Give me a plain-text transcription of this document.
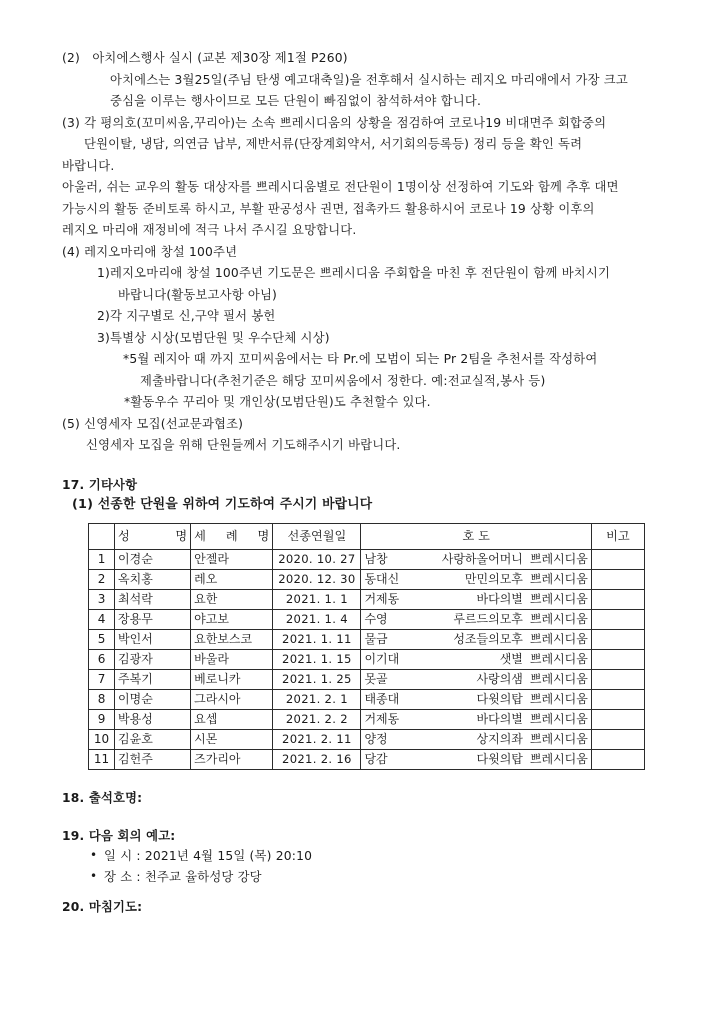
(2)   아치에스행사 실시 (교본 제30장 제1절 P260)
아치에스는 3월25일(주님 탄생 예고대축일)을 전후해서 실시하는 레지오 마리애에서 가장 크고
중심을 이루는 행사이므로 모든 단원이 빠짐없이 참석하셔야 합니다.
(3) 각 평의호(꼬미씨움,꾸리아)는 소속 쁘레시디움의 상황을 점검하여 코로나19 비대면주 회합중의
단원이탈, 냉담, 의연금 납부, 제반서류(단장계회약서, 서기회의등록등) 정리 등을 확인 독려
바랍니다.
아울러, 쉬는 교우의 활동 대상자를 쁘레시디움별로 전단원이 1명이상 선정하여 기도와 함께 추후 대면
가능시의 활동 준비토록 하시고, 부활 판공성사 권면, 접촉카드 활용하시어 코로나 19 상황 이후의
레지오 마리애 재정비에 적극 나서 주시길 요망합니다.
(4) 레지오마리애 창설 100주년
1)레지오마리애 창설 100주년 기도문은 쁘레시디움 주회합을 마친 후 전단원이 함께 바치시기
바랍니다(활동보고사항 아님)
2)각 지구별로 신,구약 필서 봉헌
3)특별상 시상(모범단원 및 우수단체 시상)
*5월 레지아 때 까지 꼬미씨움에서는 타 Pr.에 모범이 되는 Pr 2팀을 추천서를 작성하여
제출바랍니다(추천기준은 해당 꼬미씨움에서 정한다. 예:전교실적,봉사 등)
*활동우수 꾸리아 및 개인상(모범단원)도 추천할수 있다.
(5) 신영세자 모집(선교문과협조)
신영세자 모집을 위해 단원들께서 기도해주시기 바랍니다.
17. 기타사항
(1) 선종한 단원을 위하여 기도하여 주시기 바랍니다

	성 명	세 례 명	선종연월일	호 도	비고
1	이경순	안젤라	2020. 10. 27	남창 사랑하올어머니 쁘레시디움	

2	옥치홍	레오	2020. 12. 30	동대신 만민의모후 쁘레시디움	

3	최석락	요한	2021. 1. 1	거제동 바다의별 쁘레시디움	

4	장용무	야고보	2021. 1. 4	수영 루르드의모후 쁘레시디움	

5	박인서	요한보스코	2021. 1. 11	물금 성조들의모후 쁘레시디움	

6	김광자	바울라	2021. 1. 15	이기대 샛별 쁘레시디움	

7	주복기	베로니카	2021. 1. 25	못골 사랑의샘 쁘레시디움	

8	이명순	그라시아	2021. 2. 1	태종대 다윗의탑 쁘레시디움	

9	박용성	요셉	2021. 2. 2	거제동 바다의별 쁘레시디움	

10	김윤호	시몬	2021. 2. 11	양정 상지의좌 쁘레시디움	

11	김헌주	즈가리아	2021. 2. 16	당감 다윗의탑 쁘레시디움	

18. 출석호명:
19. 다음 회의 예고:
• 일 시 : 2021년 4월 15일 (목) 20:10
• 장 소 : 천주교 율하성당 강당
20. 마침기도:
